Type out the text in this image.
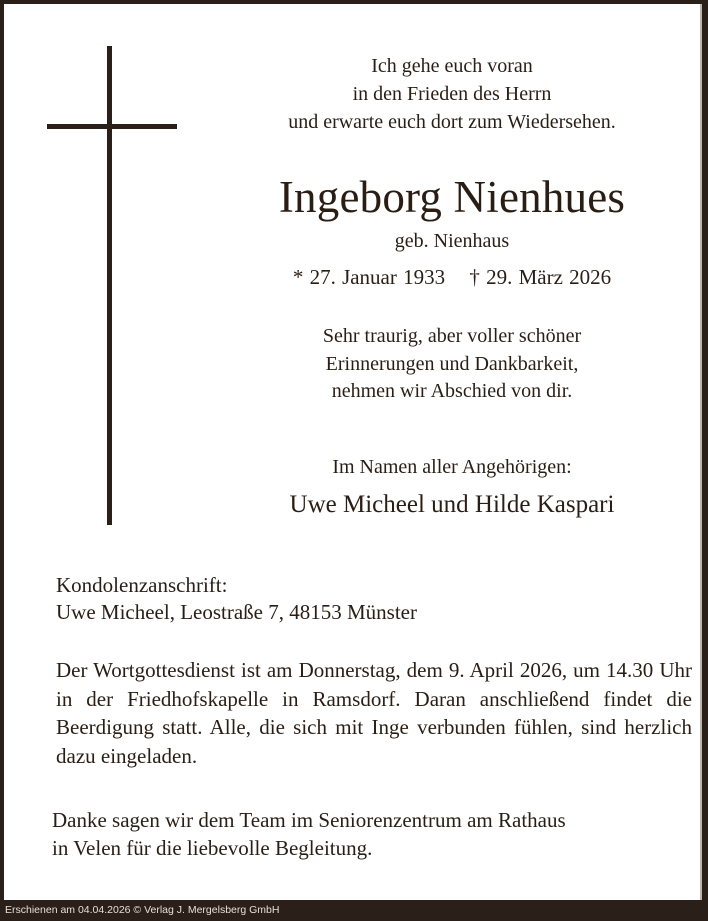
Ich gehe euch voran
in den Frieden des Herrn
und erwarte euch dort zum Wiedersehen.
Ingeborg Nienhues
geb. Nienhaus
* 27. Januar 1933 † 29. März 2026
Sehr traurig, aber voller schöner
Erinnerungen und Dankbarkeit,
nehmen wir Abschied von dir.
Im Namen aller Angehörigen:
Uwe Micheel und Hilde Kaspari
Kondolenzanschrift:
Uwe Micheel, Leostraße 7, 48153 Münster
Der Wortgottesdienst ist am Donnerstag, dem 9. April 2026, um 14.30 Uhr in der Friedhofskapelle in Ramsdorf. Daran anschließend findet die Beerdigung statt. Alle, die sich mit Inge verbunden fühlen, sind herzlich dazu eingeladen.
Danke sagen wir dem Team im Seniorenzentrum am Rathaus
in Velen für die liebevolle Begleitung.
Erschienen am 04.04.2026 © Verlag J. Mergelsberg GmbH
